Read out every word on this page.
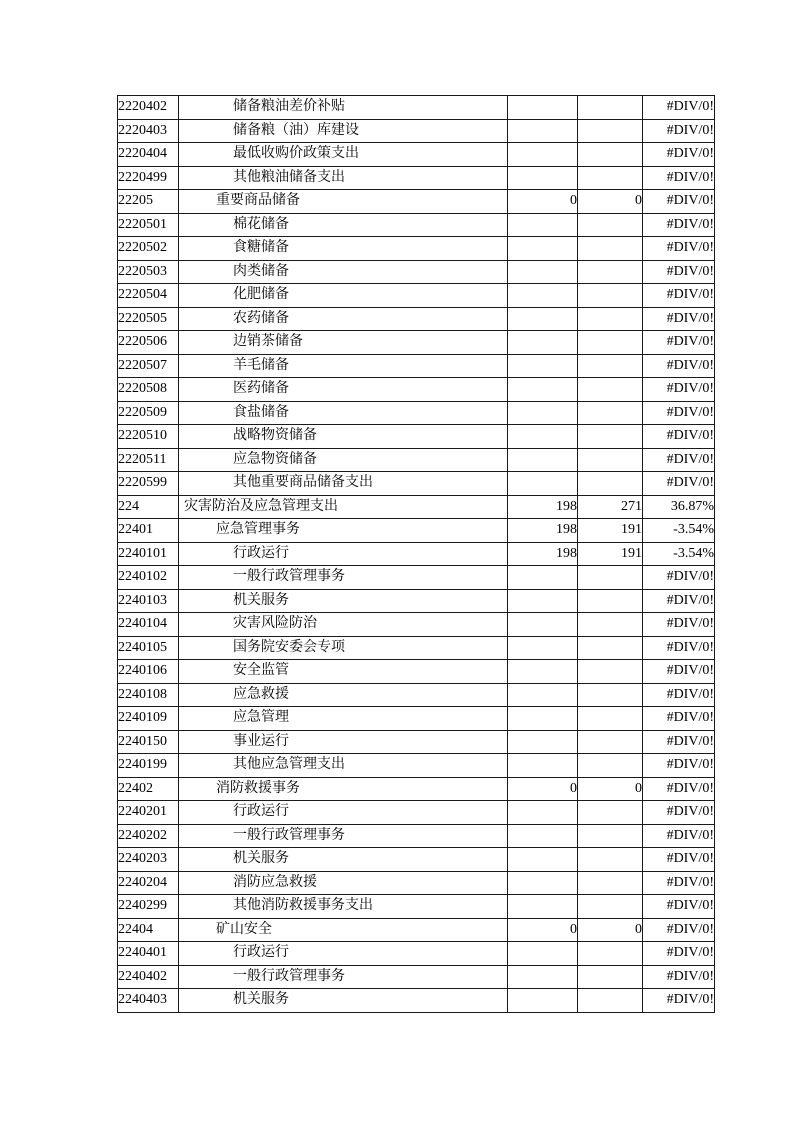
2220402	储备粮油差价补贴			#DIV/0!
2220403	储备粮（油）库建设			#DIV/0!
2220404	最低收购价政策支出			#DIV/0!
2220499	其他粮油储备支出			#DIV/0!
22205	重要商品储备	0	0	#DIV/0!
2220501	棉花储备			#DIV/0!
2220502	食糖储备			#DIV/0!
2220503	肉类储备			#DIV/0!
2220504	化肥储备			#DIV/0!
2220505	农药储备			#DIV/0!
2220506	边销茶储备			#DIV/0!
2220507	羊毛储备			#DIV/0!
2220508	医药储备			#DIV/0!
2220509	食盐储备			#DIV/0!
2220510	战略物资储备			#DIV/0!
2220511	应急物资储备			#DIV/0!
2220599	其他重要商品储备支出			#DIV/0!
224	灾害防治及应急管理支出	198	271	36.87%
22401	应急管理事务	198	191	-3.54%
2240101	行政运行	198	191	-3.54%
2240102	一般行政管理事务			#DIV/0!
2240103	机关服务			#DIV/0!
2240104	灾害风险防治			#DIV/0!
2240105	国务院安委会专项			#DIV/0!
2240106	安全监管			#DIV/0!
2240108	应急救援			#DIV/0!
2240109	应急管理			#DIV/0!
2240150	事业运行			#DIV/0!
2240199	其他应急管理支出			#DIV/0!
22402	消防救援事务	0	0	#DIV/0!
2240201	行政运行			#DIV/0!
2240202	一般行政管理事务			#DIV/0!
2240203	机关服务			#DIV/0!
2240204	消防应急救援			#DIV/0!
2240299	其他消防救援事务支出			#DIV/0!
22404	矿山安全	0	0	#DIV/0!
2240401	行政运行			#DIV/0!
2240402	一般行政管理事务			#DIV/0!
2240403	机关服务			#DIV/0!
